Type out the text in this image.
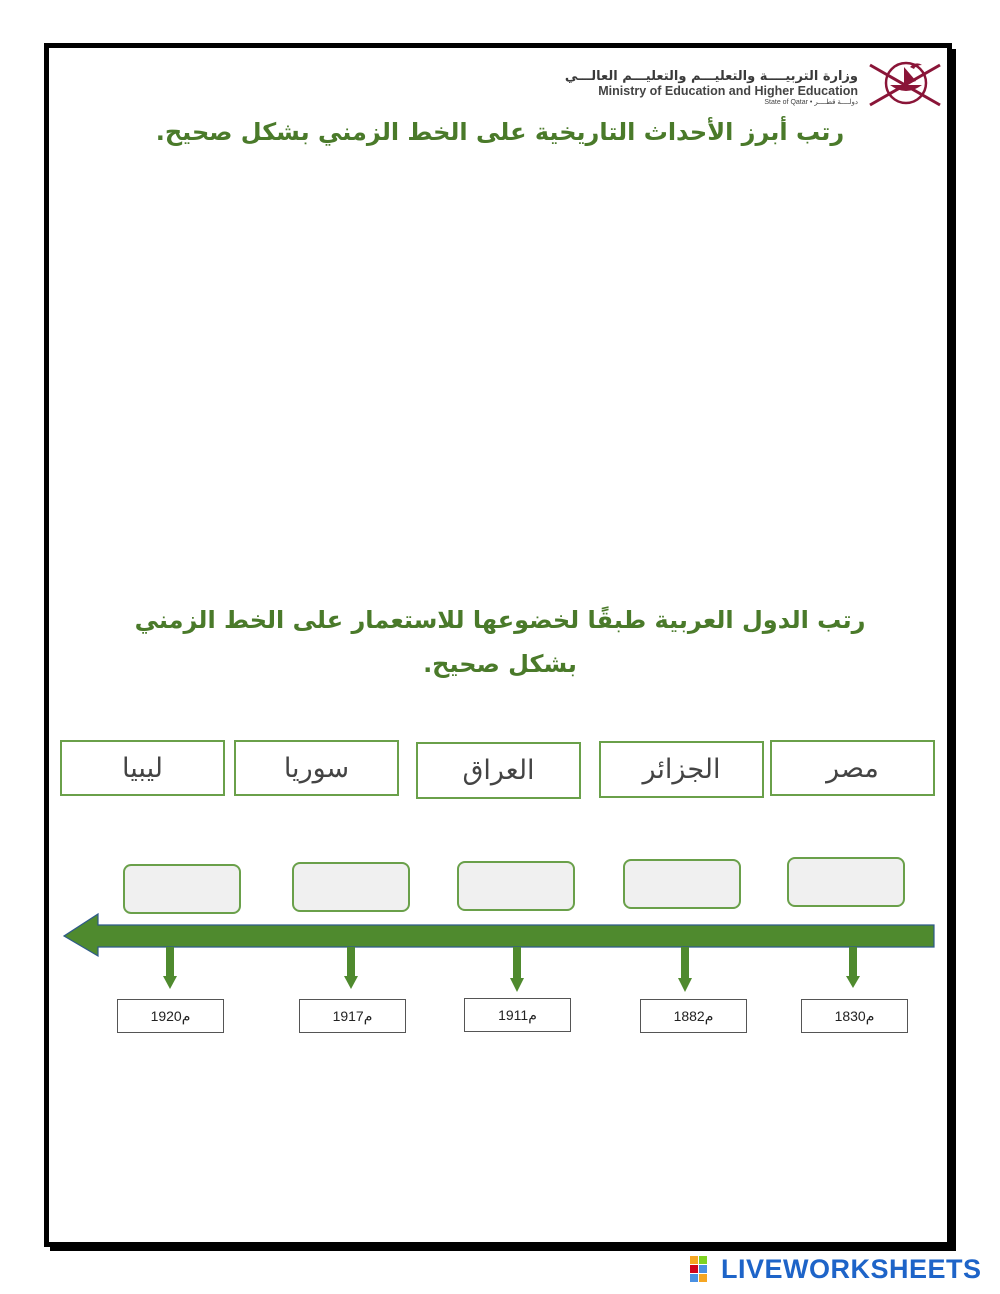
وزارة التربيــــة والتعليـــم والتعليـــم العالـــي
Ministry of Education and Higher Education
State of Qatar • دولــــة قطــــر
رتب أبرز الأحداث التاريخية على الخط الزمني بشكل صحيح.
رتب الدول العربية طبقًا لخضوعها للاستعمار على الخط الزمني بشكل صحيح.
مصر
الجزائر
العراق
سوريا
ليبيا
1830م
1882م
1911م
1917م
1920م
LIVEWORKSHEETS
